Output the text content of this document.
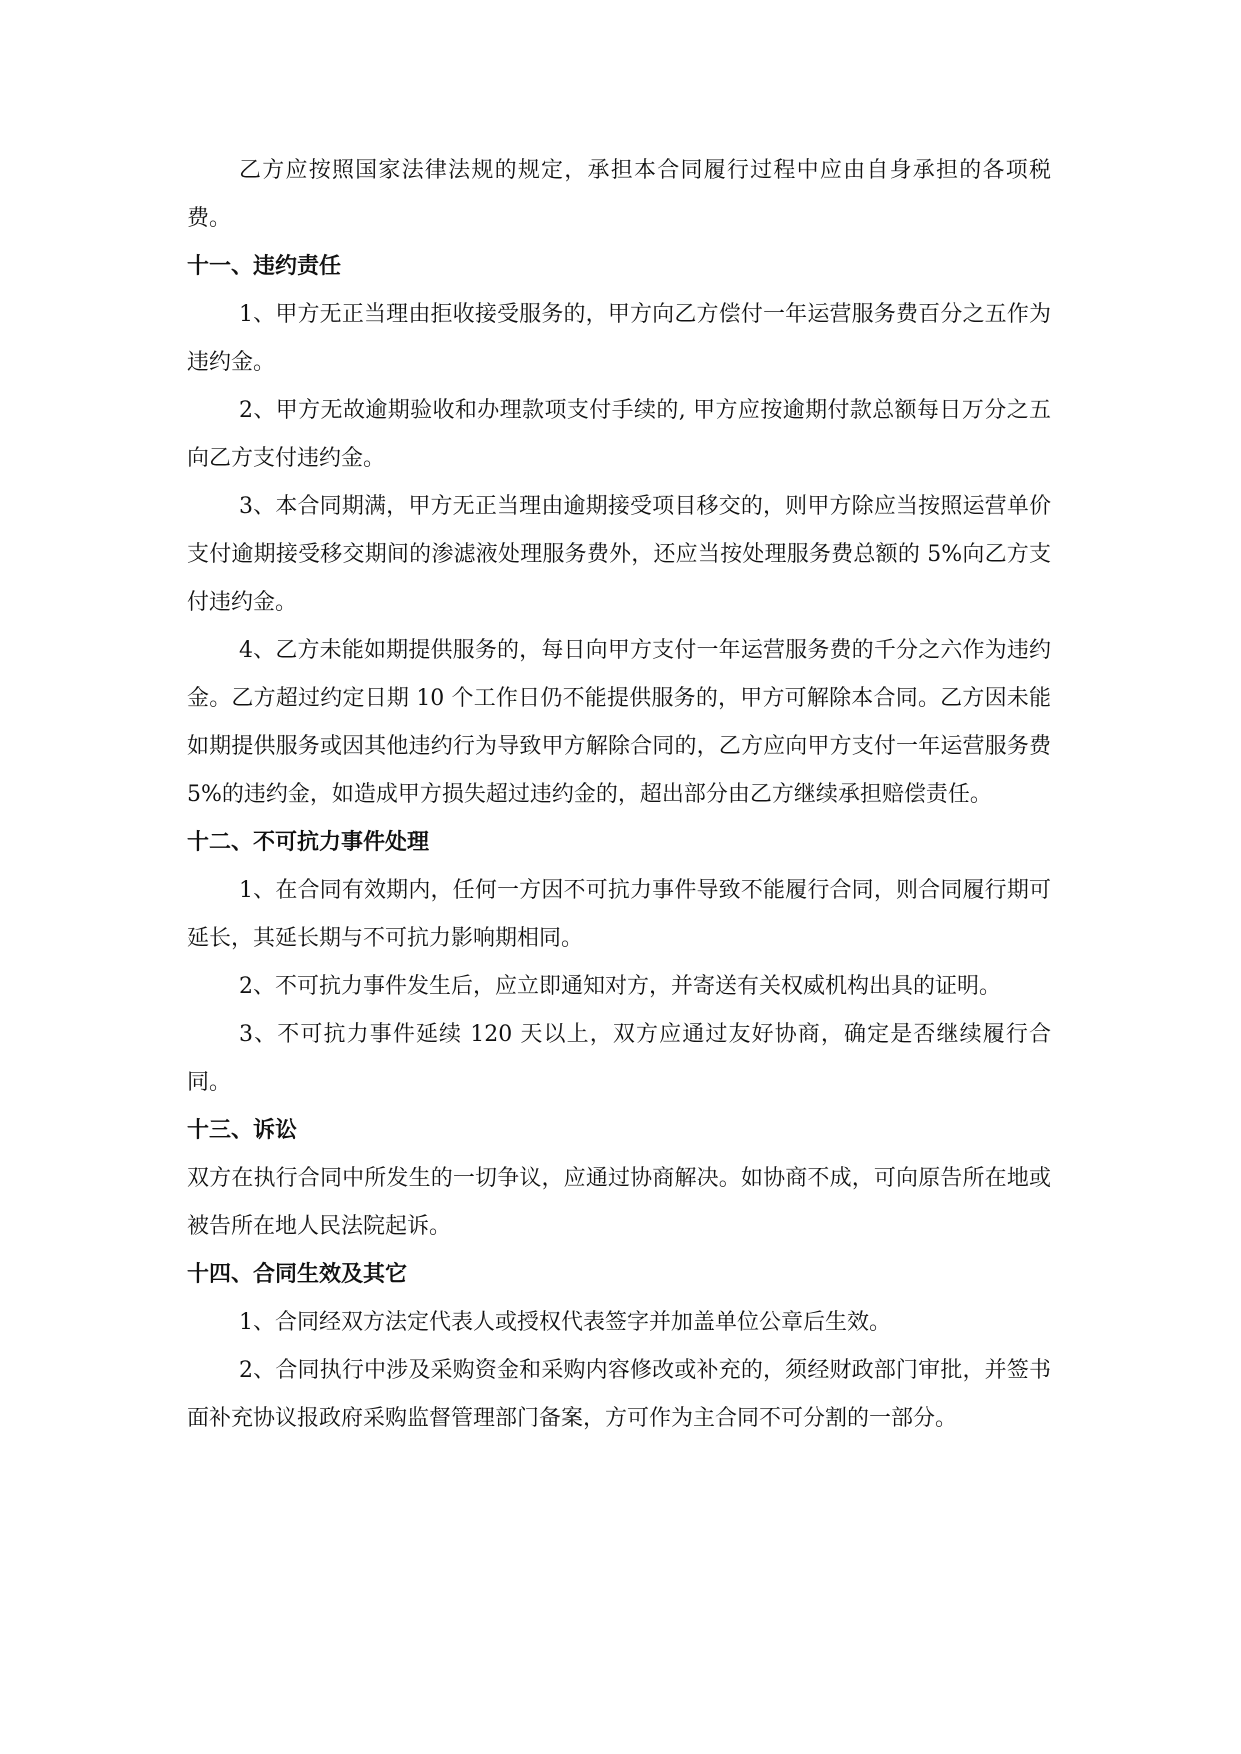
乙方应按照国家法律法规的规定，承担本合同履行过程中应由自身承担的各项税费。

十一、违约责任

1、甲方无正当理由拒收接受服务的，甲方向乙方偿付一年运营服务费百分之五作为违约金。

2、甲方无故逾期验收和办理款项支付手续的, 甲方应按逾期付款总额每日万分之五向乙方支付违约金。

3、本合同期满，甲方无正当理由逾期接受项目移交的，则甲方除应当按照运营单价支付逾期接受移交期间的渗滤液处理服务费外，还应当按处理服务费总额的 5%向乙方支付违约金。

4、乙方未能如期提供服务的，每日向甲方支付一年运营服务费的千分之六作为违约金。乙方超过约定日期 10 个工作日仍不能提供服务的，甲方可解除本合同。乙方因未能如期提供服务或因其他违约行为导致甲方解除合同的，乙方应向甲方支付一年运营服务费 5%的违约金，如造成甲方损失超过违约金的，超出部分由乙方继续承担赔偿责任。

十二、不可抗力事件处理

1、在合同有效期内，任何一方因不可抗力事件导致不能履行合同，则合同履行期可延长，其延长期与不可抗力影响期相同。

2、不可抗力事件发生后，应立即通知对方，并寄送有关权威机构出具的证明。

3、不可抗力事件延续 120 天以上，双方应通过友好协商，确定是否继续履行合同。

十三、诉讼

双方在执行合同中所发生的一切争议，应通过协商解决。如协商不成，可向原告所在地或被告所在地人民法院起诉。

十四、合同生效及其它

1、合同经双方法定代表人或授权代表签字并加盖单位公章后生效。

2、合同执行中涉及采购资金和采购内容修改或补充的，须经财政部门审批，并签书面补充协议报政府采购监督管理部门备案，方可作为主合同不可分割的一部分。
